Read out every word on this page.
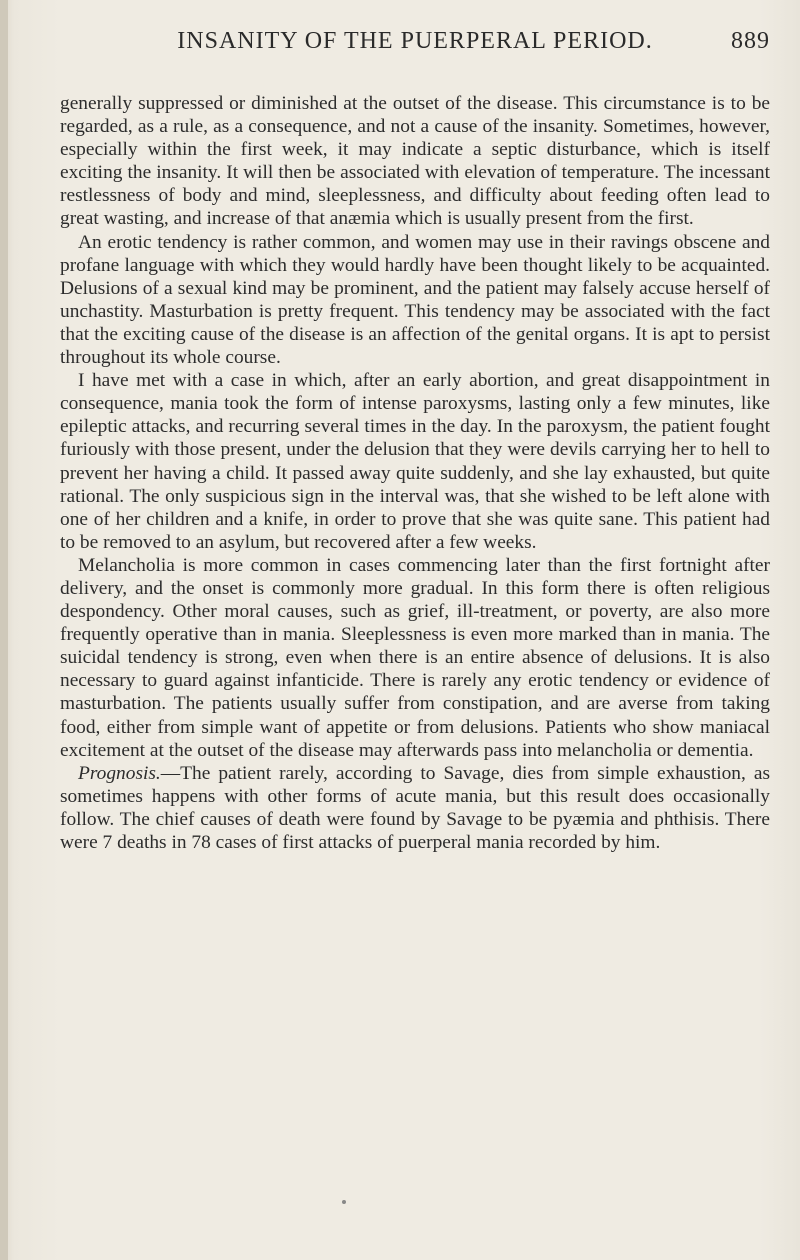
INSANITY OF THE PUERPERAL PERIOD.	889

generally suppressed or diminished at the outset of the disease. This circumstance is to be regarded, as a rule, as a consequence, and not a cause of the insanity. Sometimes, however, especially within the first week, it may indicate a septic disturbance, which is itself exciting the insanity. It will then be associated with elevation of temperature. The incessant restlessness of body and mind, sleeplessness, and difficulty about feeding often lead to great wasting, and increase of that anæmia which is usually present from the first.

An erotic tendency is rather common, and women may use in their ravings obscene and profane language with which they would hardly have been thought likely to be acquainted. Delusions of a sexual kind may be prominent, and the patient may falsely accuse herself of unchastity. Masturbation is pretty frequent. This tendency may be associated with the fact that the exciting cause of the disease is an affection of the genital organs. It is apt to persist throughout its whole course.

I have met with a case in which, after an early abortion, and great disappointment in consequence, mania took the form of intense paroxysms, lasting only a few minutes, like epileptic attacks, and recurring several times in the day. In the paroxysm, the patient fought furiously with those present, under the delusion that they were devils carrying her to hell to prevent her having a child. It passed away quite suddenly, and she lay exhausted, but quite rational. The only suspicious sign in the interval was, that she wished to be left alone with one of her children and a knife, in order to prove that she was quite sane. This patient had to be removed to an asylum, but recovered after a few weeks.

Melancholia is more common in cases commencing later than the first fortnight after delivery, and the onset is commonly more gradual. In this form there is often religious despondency. Other moral causes, such as grief, ill-treatment, or poverty, are also more frequently operative than in mania. Sleeplessness is even more marked than in mania. The suicidal tendency is strong, even when there is an entire absence of delusions. It is also necessary to guard against infanticide. There is rarely any erotic tendency or evidence of masturbation. The patients usually suffer from constipation, and are averse from taking food, either from simple want of appetite or from delusions. Patients who show maniacal excitement at the outset of the disease may afterwards pass into melancholia or dementia.

Prognosis.—The patient rarely, according to Savage, dies from simple exhaustion, as sometimes happens with other forms of acute mania, but this result does occasionally follow. The chief causes of death were found by Savage to be pyæmia and phthisis. There were 7 deaths in 78 cases of first attacks of puerperal mania recorded by him.
